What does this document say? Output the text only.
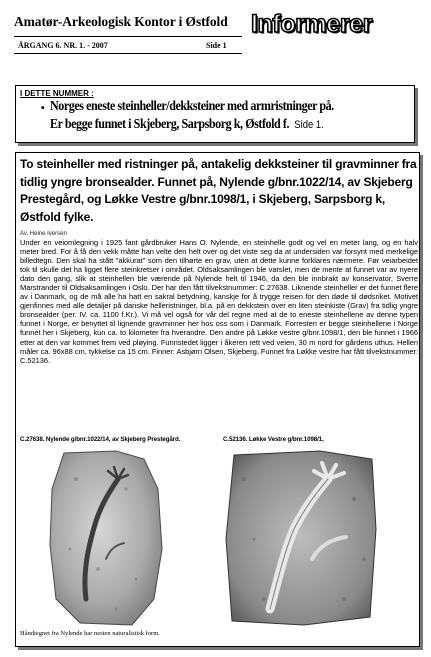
Amatør-Arkeologisk Kontor i Østfold
ÅRGANG 6. NR. 1. - 2007	Side 1
Informerer
I DETTE NUMMER :
• Norges eneste steinheller/dekksteiner med armristninger på.
Er begge funnet i Skjeberg, Sarpsborg k, Østfold f. Side 1.
To steinheller med ristninger på, antakelig dekksteiner til gravminner fra tidlig yngre bronsealder. Funnet på, Nylende g/bnr.1022/14, av Skjeberg Prestegård, og Løkke Vestre g/bnr.1098/1, i Skjeberg, Sarpsborg k, Østfold fylke.
Av. Heine Iversen

Under en veiomlegning i 1925 fant gårdbruker Hans O. Nylende, en steinhelle godt og vel en meter lang, og en halv meter bred. For å få den vekk måtte han velte den helt over og det viste seg da at undersiden var forsynt med merkelige billedtegn. Den skal ha stått "akkurat" som den tilhørte en grav, uten at dette kunne forklares nærmere. Før veiarbeidet tok til skulle det ha ligget flere steinkretser i området. Oldsaksamlingen ble varslet, men de mente at funnet var av nyere dato den gang, slik at steinhellen ble værende på Nylende helt til 1946, da den ble innbrakt av konservator, Sverre Marstrander til Oldsaksamlingen i Oslo. Der har den fått tilvekstnummer: C.27638. Liknende steinheller er det funnet flere av i Danmark, og de må alle ha hatt en sakral betydning, kanskje for å trygge reisen for den døde til dødsriket. Motivet gjenfinnes med alle detaljer på danske helleristninger, bl.a. på en dekkstein over en liten steinkiste (Grav) fra tidlig yngre bronsealder (per. IV. ca. 1100 f.Kr.). Vi må vel også for vår del regne med at de to eneste steinhellene av denne typen funnet i Norge, er benyttet til lignende gravminner her hos oss som i Danmark. Forresten er begge steinhellene i Norge funnet her i Skjeberg, kun ca. to kilometer fra hverandre. Den andre på Løkke vestre g/bnr.1098/1, den ble funnet i 1966 etter at den var kommet frem ved pløying. Funnstedet ligger i åkeren rett ved veien, 30 m nord for gårdens uthus. Hellen måler ca. 96x88 cm, tykkelse ca 15 cm. Finner: Asbjørn Olsen, Skjeberg. Funnet fra Løkke vestre har fått tilvekstnummer: C.52136.

C.27638. Nylende g/bnr.1022/14, av Skjeberg Prestegård.	C.52136. Løkke Vestre g/bnr.1098/1,
Håndtegnet fra Nylende har nesten naturalistisk form.
